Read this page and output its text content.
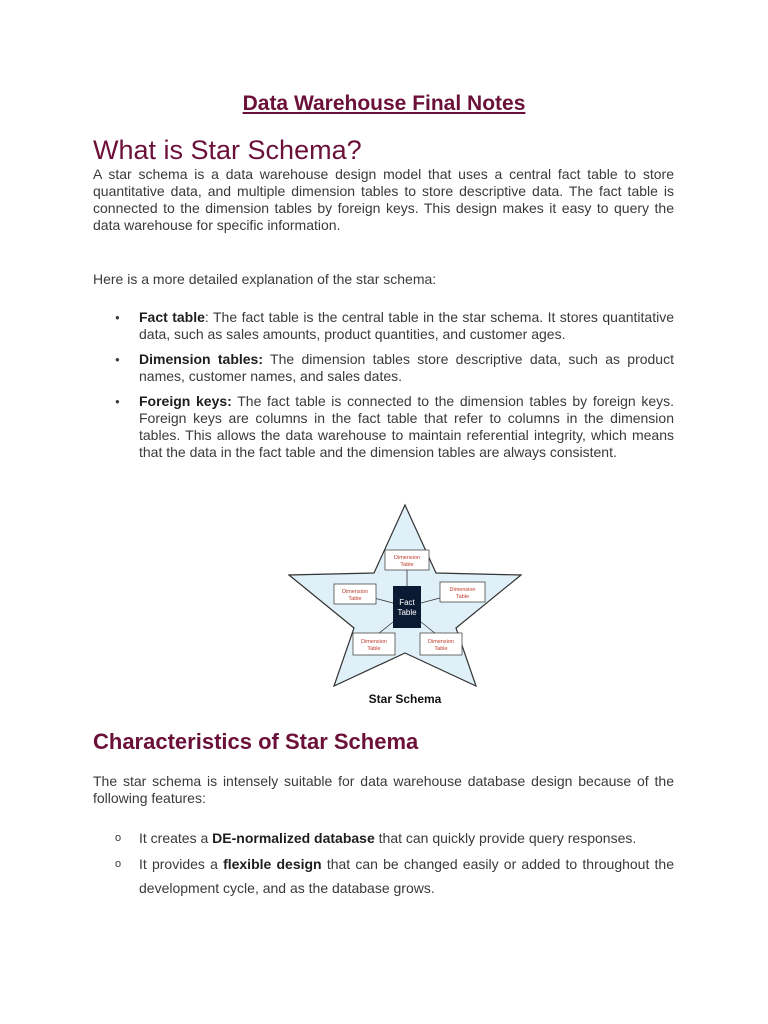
Data Warehouse Final Notes
What is Star Schema?

A star schema is a data warehouse design model that uses a central fact table to store quantitative data, and multiple dimension tables to store descriptive data. The fact table is connected to the dimension tables by foreign keys. This design makes it easy to query the data warehouse for specific information.

Here is a more detailed explanation of the star schema:

● Fact table: The fact table is the central table in the star schema. It stores quantitative data, such as sales amounts, product quantities, and customer ages.
● Dimension tables: The dimension tables store descriptive data, such as product names, customer names, and sales dates.
● Foreign keys: The fact table is connected to the dimension tables by foreign keys. Foreign keys are columns in the fact table that refer to columns in the dimension tables. This allows the data warehouse to maintain referential integrity, which means that the data in the fact table and the dimension tables are always consistent.
Fact
Table
Dimension
Table
Dimension
Table
Dimension
Table
Dimension
Table
Dimension
Table
Star Schema
Characteristics of Star Schema

The star schema is intensely suitable for data warehouse database design because of the following features:

o It creates a DE-normalized database that can quickly provide query responses.
o It provides a flexible design that can be changed easily or added to throughout the development cycle, and as the database grows.
